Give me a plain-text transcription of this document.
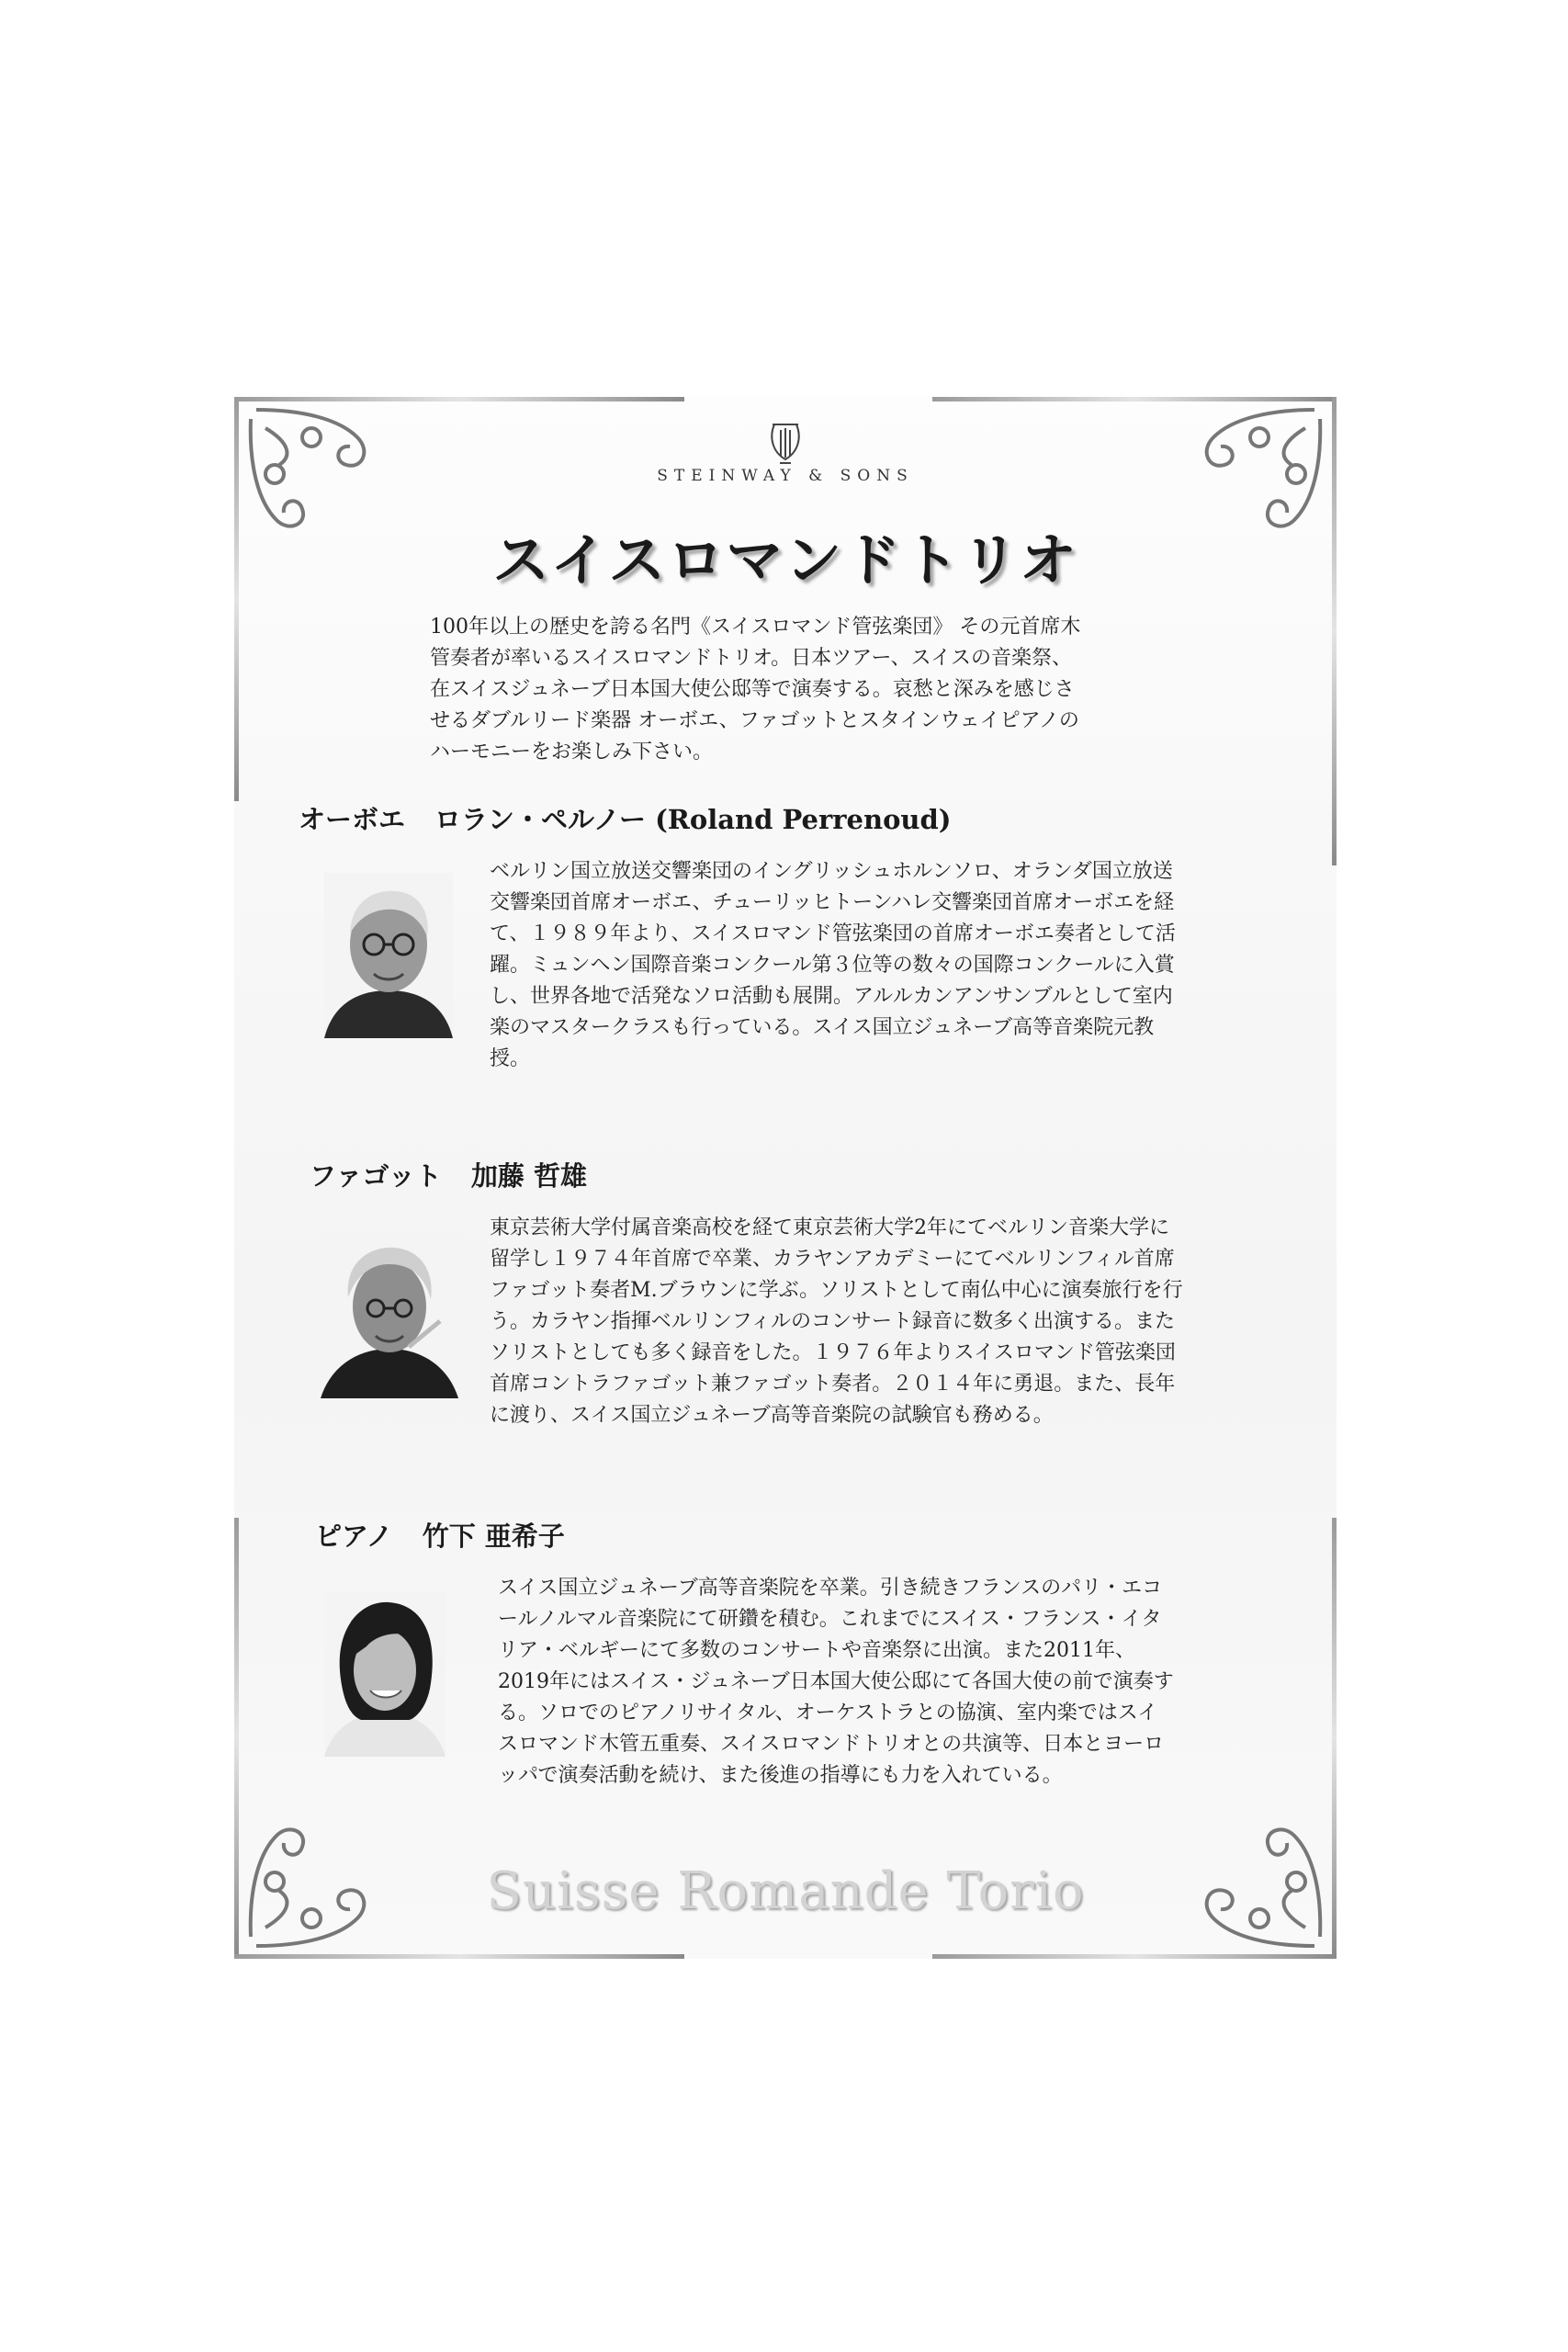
STEINWAY & SONS
スイスロマンドトリオ
100年以上の歴史を誇る名門《スイスロマンド管弦楽団》 その元首席木
管奏者が率いるスイスロマンドトリオ。日本ツアー、スイスの音楽祭、
在スイスジュネーブ日本国大使公邸等で演奏する。哀愁と深みを感じさ
せるダブルリード楽器 オーボエ、ファゴットとスタインウェイピアノの
ハーモニーをお楽しみ下さい。
オーボエ ロラン・ペルノー (Roland Perrenoud)
ベルリン国立放送交響楽団のイングリッシュホルンソロ、オランダ国立放送
交響楽団首席オーボエ、チューリッヒトーンハレ交響楽団首席オーボエを経
て、１９８９年より、スイスロマンド管弦楽団の首席オーボエ奏者として活
躍。ミュンヘン国際音楽コンクール第３位等の数々の国際コンクールに入賞
し、世界各地で活発なソロ活動も展開。アルルカンアンサンブルとして室内
楽のマスタークラスも行っている。スイス国立ジュネーブ高等音楽院元教
授。
ファゴット 加藤 哲雄
東京芸術大学付属音楽高校を経て東京芸術大学2年にてベルリン音楽大学に
留学し１９７４年首席で卒業、カラヤンアカデミーにてベルリンフィル首席
ファゴット奏者M.ブラウンに学ぶ。ソリストとして南仏中心に演奏旅行を行
う。カラヤン指揮ベルリンフィルのコンサート録音に数多く出演する。また
ソリストとしても多く録音をした。１９７６年よりスイスロマンド管弦楽団
首席コントラファゴット兼ファゴット奏者。２０１４年に勇退。また、長年
に渡り、スイス国立ジュネーブ高等音楽院の試験官も務める。
ピアノ 竹下 亜希子
スイス国立ジュネーブ高等音楽院を卒業。引き続きフランスのパリ・エコ
ールノルマル音楽院にて研鑽を積む。これまでにスイス・フランス・イタ
リア・ベルギーにて多数のコンサートや音楽祭に出演。また2011年、
2019年にはスイス・ジュネーブ日本国大使公邸にて各国大使の前で演奏す
る。ソロでのピアノリサイタル、オーケストラとの協演、室内楽ではスイ
スロマンド木管五重奏、スイスロマンドトリオとの共演等、日本とヨーロ
ッパで演奏活動を続け、また後進の指導にも力を入れている。
Suisse Romande Torio
